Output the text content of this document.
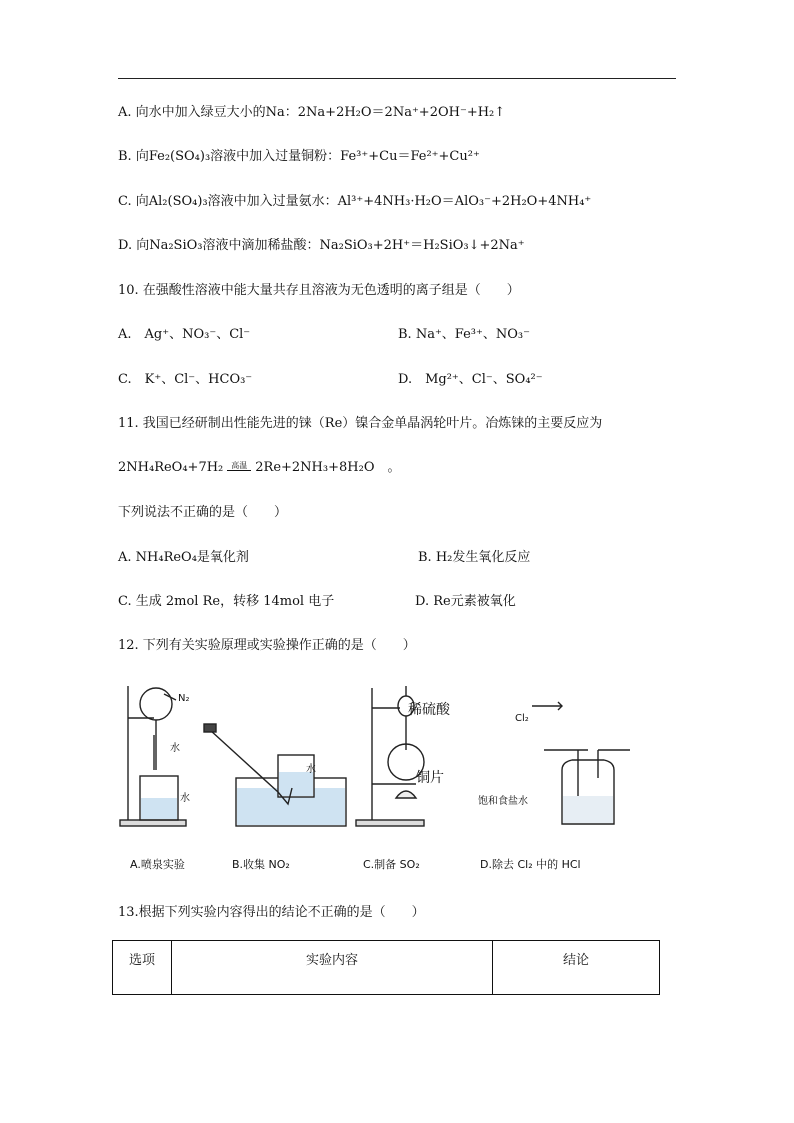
A. 向水中加入绿豆大小的Na：2Na+2H₂O＝2Na⁺+2OH⁻+H₂↑
B. 向Fe₂(SO₄)₃溶液中加入过量铜粉：Fe³⁺+Cu＝Fe²⁺+Cu²⁺
C. 向Al₂(SO₄)₃溶液中加入过量氨水：Al³⁺+4NH₃·H₂O＝AlO₃⁻+2H₂O+4NH₄⁺
D. 向Na₂SiO₃溶液中滴加稀盐酸：Na₂SiO₃+2H⁺＝H₂SiO₃↓+2Na⁺
10. 在强酸性溶液中能大量共存且溶液为无色透明的离子组是（　　）
A.　Ag⁺、NO₃⁻、Cl⁻	B. Na⁺、Fe³⁺、NO₃⁻
C.　K⁺、Cl⁻、HCO₃⁻	D.　Mg²⁺、Cl⁻、SO₄²⁻
11. 我国已经研制出性能先进的铼（Re）镍合金单晶涡轮叶片。冶炼铼的主要反应为
2NH₄ReO₄+7H₂ 高温 2Re+2NH₃+8H₂O　。
下列说法不正确的是（　　）
A. NH₄ReO₄是氧化剂	B. H₂发生氧化反应
C. 生成 2mol Re，转移 14mol 电子	D. Re元素被氧化
12. 下列有关实验原理或实验操作正确的是（　　）
N₂
水
水
水
稀硫酸
铜片
Cl₂
饱和食盐水
A.喷泉实验	B.收集 NO₂	C.制备 SO₂	D.除去 Cl₂ 中的 HCl
13.根据下列实验内容得出的结论不正确的是（　　）
选项	实验内容	结论
